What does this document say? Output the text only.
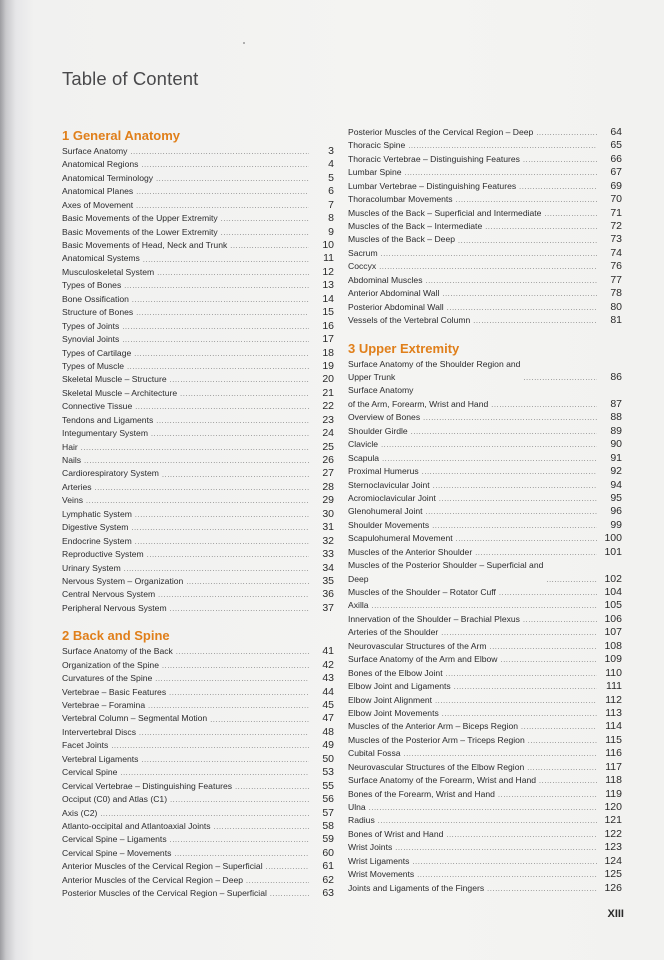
Table of Content
1 General Anatomy
Surface Anatomy . . .	3
Anatomical Regions . . .	4
Anatomical Terminology . . .	5
Anatomical Planes . . .	6
Axes of Movement . . .	7
Basic Movements of the Upper Extremity . . .	8
Basic Movements of the Lower Extremity . . .	9
Basic Movements of Head, Neck and Trunk . . .	10
Anatomical Systems . . .	11
Musculoskeletal System . . .	12
Types of Bones . . .	13
Bone Ossification . . .	14
Structure of Bones . . .	15
Types of Joints . . .	16
Synovial Joints . . .	17
Types of Cartilage . . .	18
Types of Muscle . . .	19
Skeletal Muscle – Structure . . .	20
Skeletal Muscle – Architecture . . .	21
Connective Tissue . . .	22
Tendons and Ligaments . . .	23
Integumentary System . . .	24
Hair . . .	25
Nails . . .	26
Cardiorespiratory System . . .	27
Arteries . . .	28
Veins . . .	29
Lymphatic System . . .	30
Digestive System . . .	31
Endocrine System . . .	32
Reproductive System . . .	33
Urinary System . . .	34
Nervous System – Organization . . .	35
Central Nervous System . . .	36
Peripheral Nervous System . . .	37
2 Back and Spine
Surface Anatomy of the Back . . .	41
Organization of the Spine . . .	42
Curvatures of the Spine . . .	43
Vertebrae – Basic Features . . .	44
Vertebrae – Foramina . . .	45
Vertebral Column – Segmental Motion . . .	47
Intervertebral Discs . . .	48
Facet Joints . . .	49
Vertebral Ligaments . . .	50
Cervical Spine . . .	53
Cervical Vertebrae – Distinguishing Features . . .	55
Occiput (C0) and Atlas (C1) . . .	56
Axis (C2) . . .	57
Atlanto-occipital and Atlantoaxial Joints . . .	58
Cervical Spine – Ligaments . . .	59
Cervical Spine – Movements . . .	60
Anterior Muscles of the Cervical Region – Superficial . . .	61
Anterior Muscles of the Cervical Region – Deep . . .	62
Posterior Muscles of the Cervical Region – Superficial . . .	63
Posterior Muscles of the Cervical Region – Deep . . .	64
Thoracic Spine . . .	65
Thoracic Vertebrae – Distinguishing Features . . .	66
Lumbar Spine . . .	67
Lumbar Vertebrae – Distinguishing Features . . .	69
Thoracolumbar Movements . . .	70
Muscles of the Back – Superficial and Intermediate . . .	71
Muscles of the Back – Intermediate . . .	72
Muscles of the Back – Deep . . .	73
Sacrum . . .	74
Coccyx . . .	76
Abdominal Muscles . . .	77
Anterior Abdominal Wall . . .	78
Posterior Abdominal Wall . . .	80
Vessels of the Vertebral Column . . .	81
3 Upper Extremity
Surface Anatomy of the Shoulder Region and
Upper Trunk . . .	86
Surface Anatomy
of the Arm, Forearm, Wrist and Hand . . .	87
Overview of Bones . . .	88
Shoulder Girdle . . .	89
Clavicle . . .	90
Scapula . . .	91
Proximal Humerus . . .	92
Sternoclavicular Joint . . .	94
Acromioclavicular Joint . . .	95
Glenohumeral Joint . . .	96
Shoulder Movements . . .	99
Scapulohumeral Movement . . .	100
Muscles of the Anterior Shoulder . . .	101
Muscles of the Posterior Shoulder – Superficial and
Deep . . .	102
Muscles of the Shoulder – Rotator Cuff . . .	104
Axilla . . .	105
Innervation of the Shoulder – Brachial Plexus . . .	106
Arteries of the Shoulder . . .	107
Neurovascular Structures of the Arm . . .	108
Surface Anatomy of the Arm and Elbow . . .	109
Bones of the Elbow Joint . . .	110
Elbow Joint and Ligaments . . .	111
Elbow Joint Alignment . . .	112
Elbow Joint Movements . . .	113
Muscles of the Anterior Arm – Biceps Region . . .	114
Muscles of the Posterior Arm – Triceps Region . . .	115
Cubital Fossa . . .	116
Neurovascular Structures of the Elbow Region . . .	117
Surface Anatomy of the Forearm, Wrist and Hand . . .	118
Bones of the Forearm, Wrist and Hand . . .	119
Ulna . . .	120
Radius . . .	121
Bones of Wrist and Hand . . .	122
Wrist Joints . . .	123
Wrist Ligaments . . .	124
Wrist Movements . . .	125
Joints and Ligaments of the Fingers . . .	126
XIII
